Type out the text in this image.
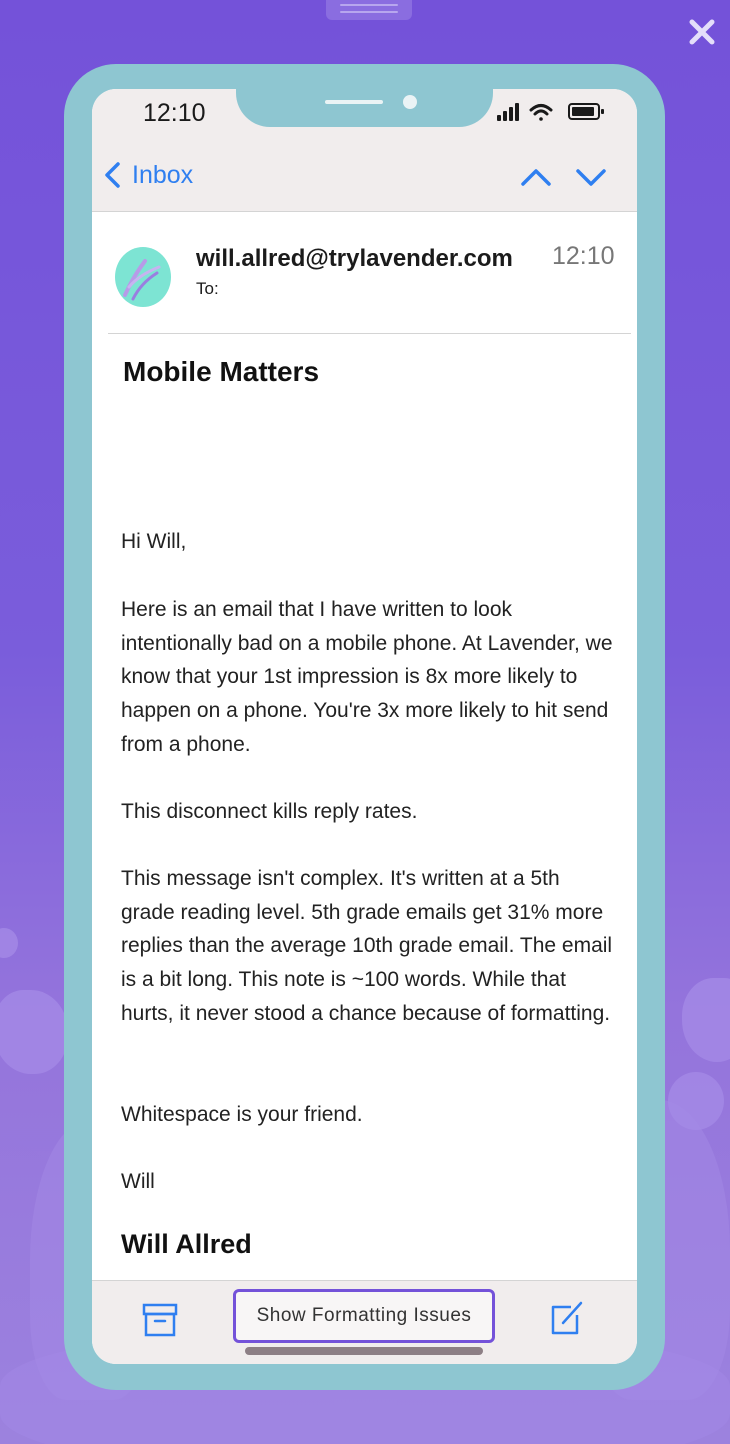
12:10
Inbox
will.allred@trylavender.com
To:
12:10
Mobile Matters
Hi Will,
Here is an email that I have written to look intentionally bad on a mobile phone. At Lavender, we know that your 1st impression is 8x more likely to happen on a phone. You're 3x more likely to hit send from a phone.
This disconnect kills reply rates.
This message isn't complex. It's written at a 5th grade reading level. 5th grade emails get 31% more replies than the average 10th grade email. The email is a bit long. This note is ~100 words. While that hurts, it never stood a chance because of formatting.
Whitespace is your friend.
Will
Will Allred
Show Formatting Issues
